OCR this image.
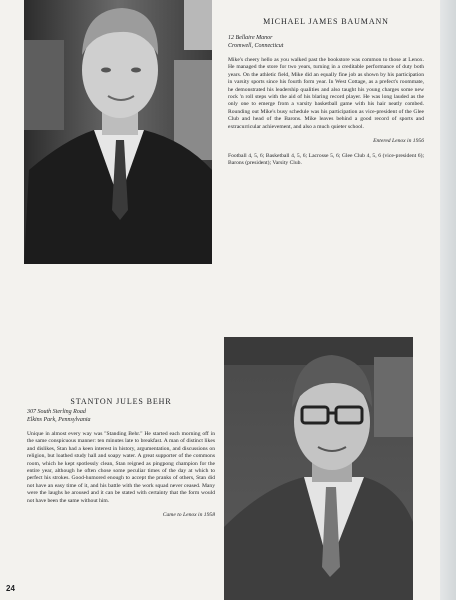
MICHAEL JAMES BAUMANN

12 Bellaire Manor

Cromwell, Connecticut

Mike's cheery hello as you walked past the bookstore was common to those at Lenox. He managed the store for two years, turning in a creditable performance of duty both years. On the athletic field, Mike did an equally fine job as shown by his participation in varsity sports since his fourth form year. In West Cottage, as a prefect's roommate, he demonstrated his leadership qualities and also taught his young charges some new rock 'n roll steps with the aid of his blaring record player. He was long lauded as the only one to emerge from a varsity basketball game with his hair neatly combed. Rounding out Mike's busy schedule was his participation as vice-president of the Glee Club and head of the Barons. Mike leaves behind a good record of sports and extracurricular achievement, and also a much quieter school.

Entered Lenox in 1956

Football 4, 5, 6; Basketball 4, 5, 6; Lacrosse 5, 6; Glee Club 4, 5, 6 (vice-president 6); Barons (president); Varsity Club.

STANTON JULES BEHR

307 South Sterling Road

Elkins Park, Pennsylvania

Unique in almost every way was "Standing Behr." He started each morning off in the same conspicuous manner: ten minutes late to breakfast. A man of distinct likes and dislikes, Stan had a keen interest in history, argumentation, and discussions on religion, but loathed study hall and soapy water. A great supporter of the commons room, which he kept spotlessly clean, Stan reigned as pingpong champion for the entire year, although he often chose some peculiar times of the day at which to perfect his strokes. Good-humored enough to accept the pranks of others, Stan did not have an easy time of it, and his battle with the work squad never ceased. Many were the laughs he aroused and it can be stated with certainty that the form would not have been the same without him.

Came to Lenox in 1958

24
